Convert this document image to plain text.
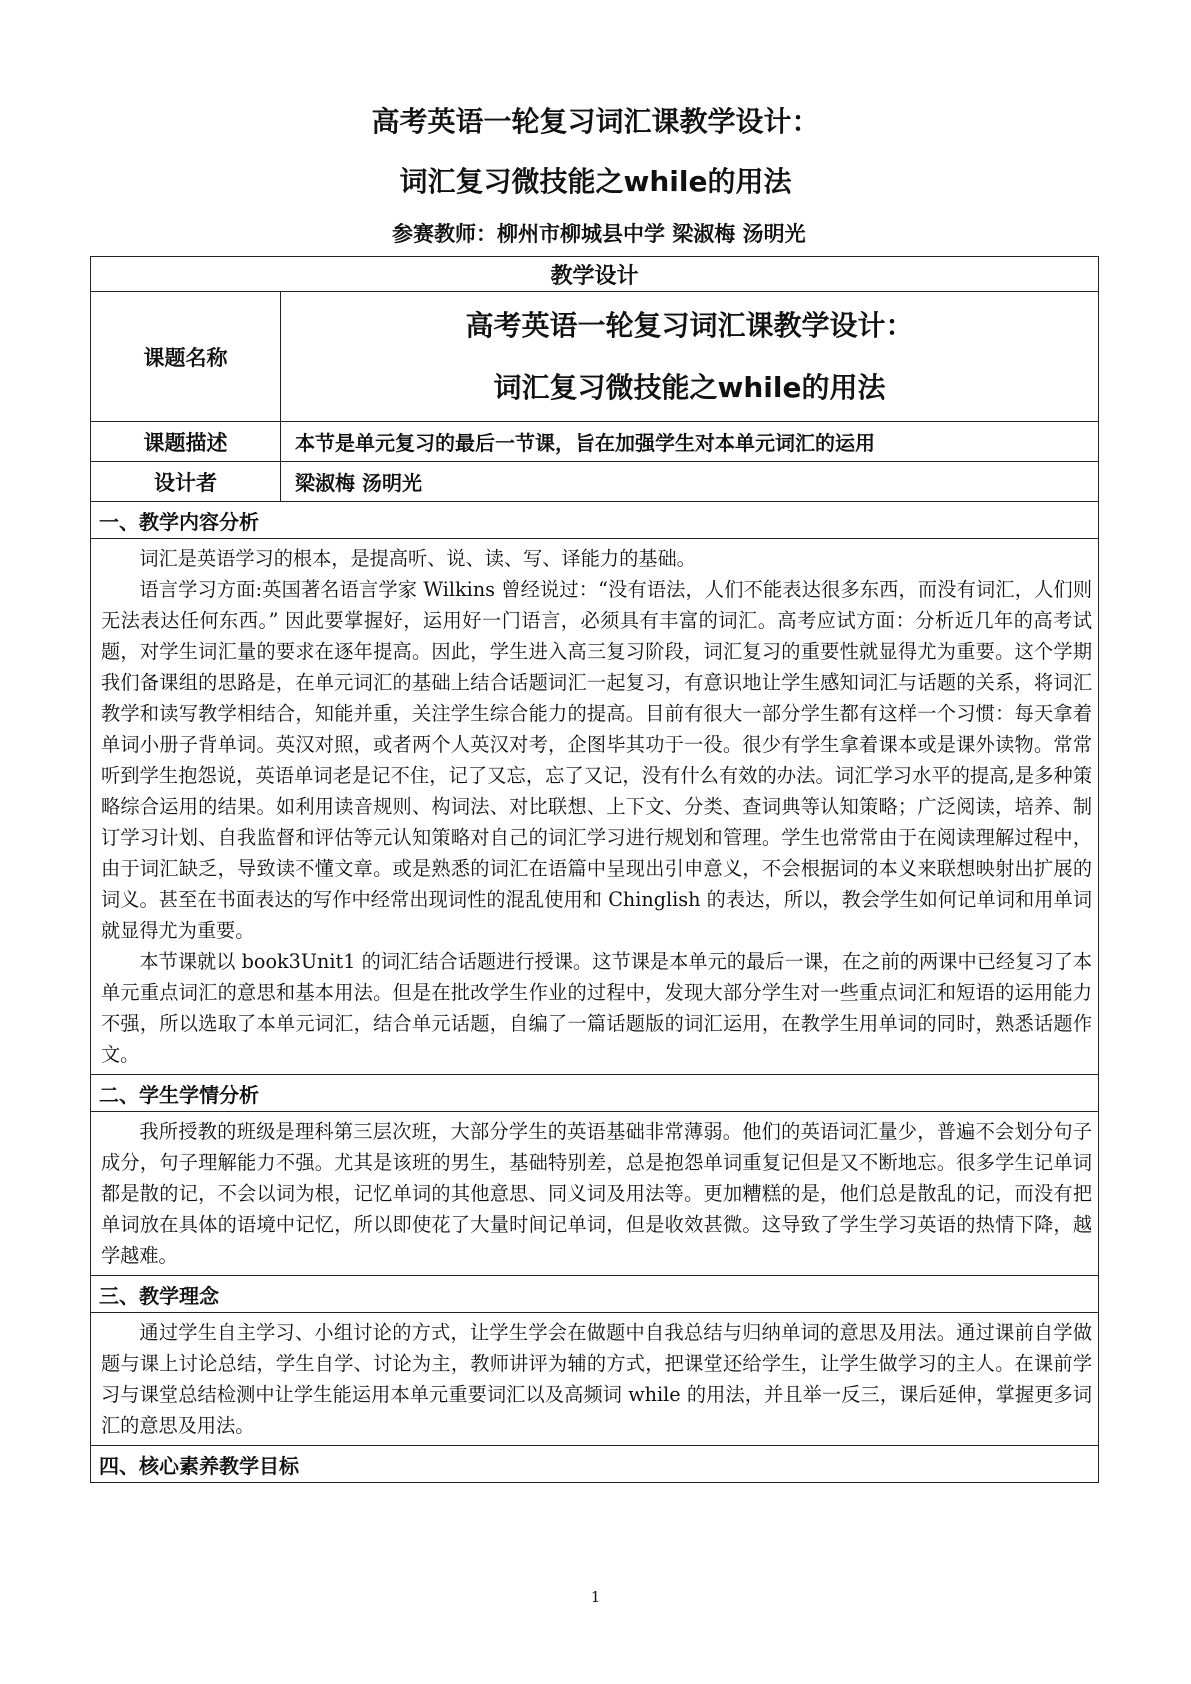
高考英语一轮复习词汇课教学设计：
词汇复习微技能之while的用法
参赛教师：柳州市柳城县中学 梁淑梅 汤明光
教学设计	
课题名称	高考英语一轮复习词汇课教学设计：
词汇复习微技能之while的用法

课题描述	本节是单元复习的最后一节课，旨在加强学生对本单元词汇的运用
设计者	梁淑梅 汤明光
一、教学内容分析	

词汇是英语学习的根本，是提高听、说、读、写、译能力的基础。

语言学习方面:英国著名语言学家 Wilkins 曾经说过：“没有语法，人们不能表达很多东西，而没有词汇，人们则无法表达任何东西。” 因此要掌握好，运用好一门语言，必须具有丰富的词汇。高考应试方面：分析近几年的高考试题，对学生词汇量的要求在逐年提高。因此，学生进入高三复习阶段，词汇复习的重要性就显得尤为重要。这个学期我们备课组的思路是，在单元词汇的基础上结合话题词汇一起复习，有意识地让学生感知词汇与话题的关系，将词汇教学和读写教学相结合，知能并重，关注学生综合能力的提高。目前有很大一部分学生都有这样一个习惯：每天拿着单词小册子背单词。英汉对照，或者两个人英汉对考，企图毕其功于一役。很少有学生拿着课本或是课外读物。常常听到学生抱怨说，英语单词老是记不住，记了又忘，忘了又记，没有什么有效的办法。词汇学习水平的提高,是多种策略综合运用的结果。如利用读音规则、构词法、对比联想、上下文、分类、查词典等认知策略；广泛阅读，培养、制订学习计划、自我监督和评估等元认知策略对自己的词汇学习进行规划和管理。学生也常常由于在阅读理解过程中，由于词汇缺乏，导致读不懂文章。或是熟悉的词汇在语篇中呈现出引申意义，不会根据词的本义来联想映射出扩展的词义。甚至在书面表达的写作中经常出现词性的混乱使用和 Chinglish 的表达，所以，教会学生如何记单词和用单词就显得尤为重要。

本节课就以 book3Unit1 的词汇结合话题进行授课。这节课是本单元的最后一课，在之前的两课中已经复习了本单元重点词汇的意思和基本用法。但是在批改学生作业的过程中，发现大部分学生对一些重点词汇和短语的运用能力不强，所以选取了本单元词汇，结合单元话题，自编了一篇话题版的词汇运用，在教学生用单词的同时，熟悉话题作文。	

二、学生学情分析	

我所授教的班级是理科第三层次班，大部分学生的英语基础非常薄弱。他们的英语词汇量少，普遍不会划分句子成分，句子理解能力不强。尤其是该班的男生，基础特别差，总是抱怨单词重复记但是又不断地忘。很多学生记单词都是散的记，不会以词为根，记忆单词的其他意思、同义词及用法等。更加糟糕的是，他们总是散乱的记，而没有把单词放在具体的语境中记忆，所以即使花了大量时间记单词，但是收效甚微。这导致了学生学习英语的热情下降，越学越难。	

三、教学理念	

通过学生自主学习、小组讨论的方式，让学生学会在做题中自我总结与归纳单词的意思及用法。通过课前自学做题与课上讨论总结，学生自学、讨论为主，教师讲评为辅的方式，把课堂还给学生，让学生做学习的主人。在课前学习与课堂总结检测中让学生能运用本单元重要词汇以及高频词 while 的用法，并且举一反三，课后延伸，掌握更多词汇的意思及用法。	

四、核心素养教学目标	
1
